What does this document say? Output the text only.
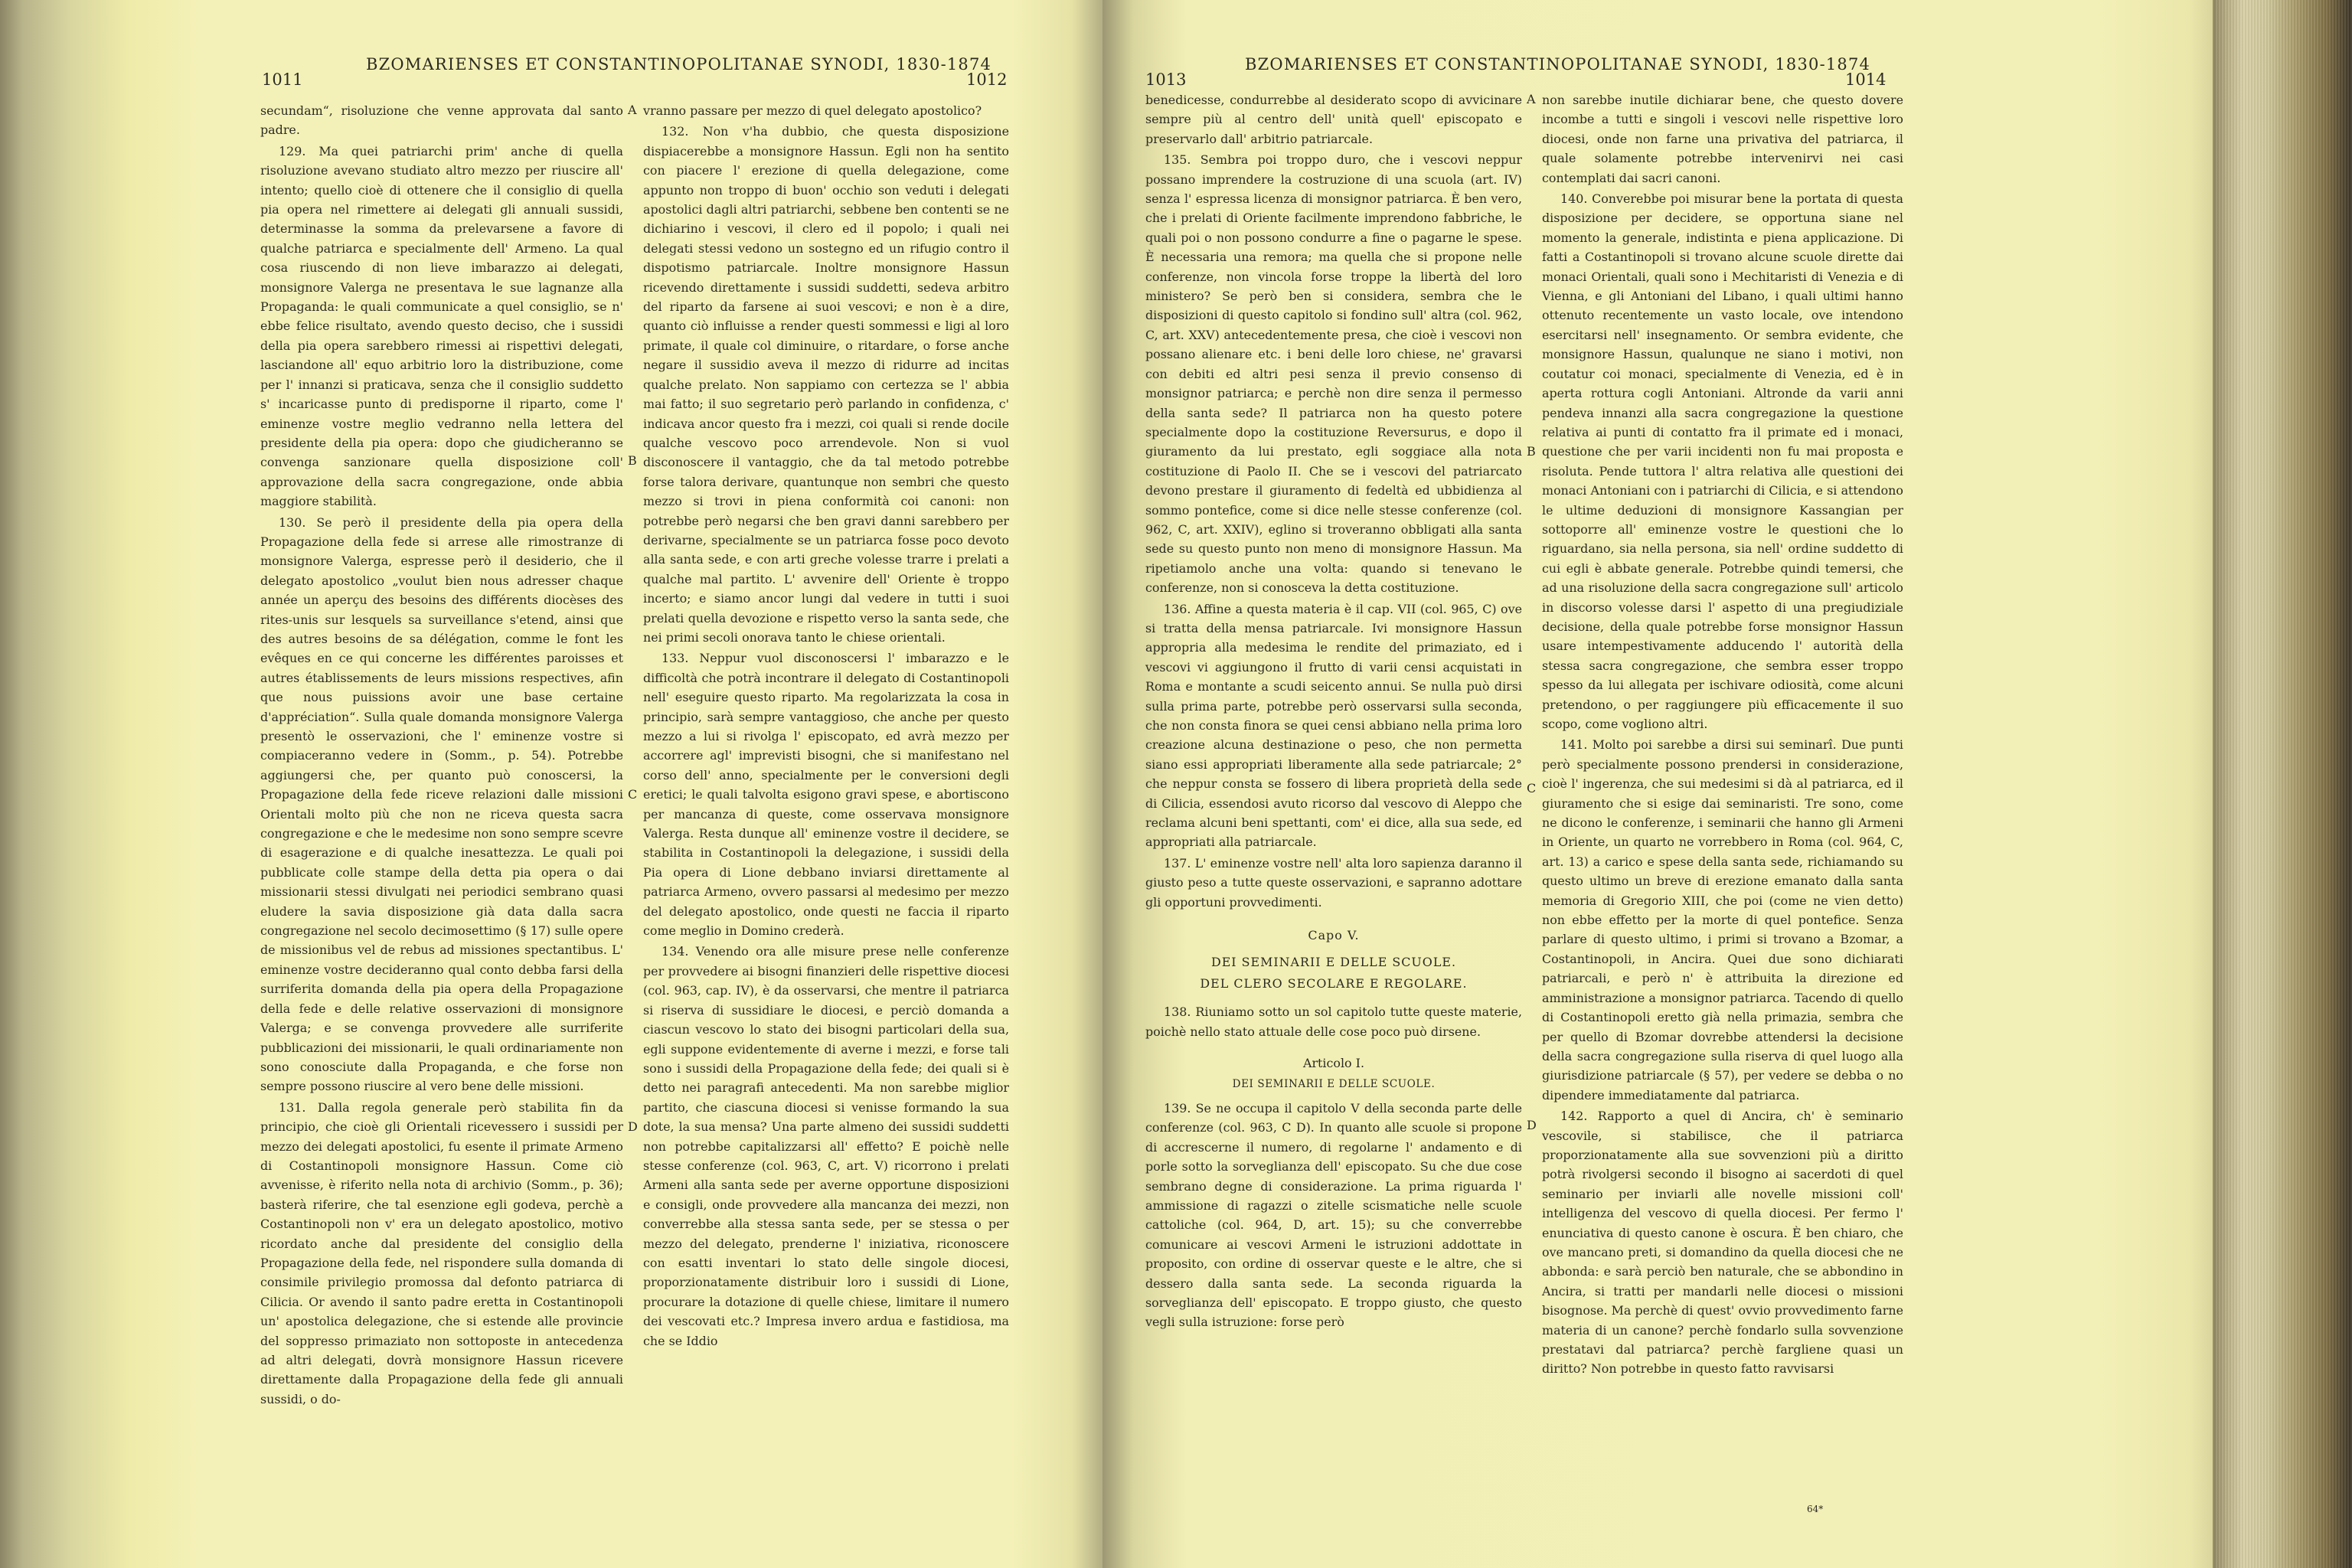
1011
BZOMARIENSES ET CONSTANTINOPOLITANAE SYNODI, 1830-1874
1012

secundam“, risoluzione che venne approvata dal santo padre.

129. Ma quei patriarchi prim' anche di quella risoluzione avevano studiato altro mezzo per riuscire all' intento; quello cioè di ottenere che il consiglio di quella pia opera nel rimettere ai delegati gli annuali sussidi, determinasse la somma da prelevarsene a favore di qualche patriarca e specialmente dell' Armeno. La qual cosa riuscendo di non lieve imbarazzo ai delegati, monsignore Valerga ne presentava le sue lagnanze alla Propaganda: le quali communicate a quel consiglio, se n' ebbe felice risultato, avendo questo deciso, che i sussidi della pia opera sarebbero rimessi ai rispettivi delegati, lasciandone all' equo arbitrio loro la distribuzione, come per l' innanzi si praticava, senza che il consiglio suddetto s' incaricasse punto di predisporne il riparto, come l' eminenze vostre meglio vedranno nella lettera del presidente della pia opera: dopo che giudicheranno se convenga sanzionare quella disposizione coll' approvazione della sacra congregazione, onde abbia maggiore stabilità.

130. Se però il presidente della pia opera della Propagazione della fede si arrese alle rimostranze di monsignore Valerga, espresse però il desiderio, che il delegato apostolico „voulut bien nous adresser chaque année un aperçu des besoins des différents diocèses des rites-unis sur lesquels sa surveillance s'etend, ainsi que des autres besoins de sa délégation, comme le font les evêques en ce qui concerne les différentes paroisses et autres établissements de leurs missions respectives, afin que nous puissions avoir une base certaine d'appréciation“. Sulla quale domanda monsignore Valerga presentò le osservazioni, che l' eminenze vostre si compiaceranno vedere in (Somm., p. 54). Potrebbe aggiungersi che, per quanto può conoscersi, la Propagazione della fede riceve relazioni dalle missioni Orientali molto più che non ne riceva questa sacra congregazione e che le medesime non sono sempre scevre di esagerazione e di qualche inesattezza. Le quali poi pubblicate colle stampe della detta pia opera o dai missionarii stessi divulgati nei periodici sembrano quasi eludere la savia disposizione già data dalla sacra congregazione nel secolo decimosettimo (§ 17) sulle opere de missionibus vel de rebus ad missiones spectantibus. L' eminenze vostre decideranno qual conto debba farsi della surriferita domanda della pia opera della Propagazione della fede e delle relative osservazioni di monsignore Valerga; e se convenga provvedere alle surriferite pubblicazioni dei missionarii, le quali ordinariamente non sono conosciute dalla Propaganda, e che forse non sempre possono riuscire al vero bene delle missioni.

131. Dalla regola generale però stabilita fin da principio, che cioè gli Orientali ricevessero i sussidi per mezzo dei delegati apostolici, fu esente il primate Armeno di Costantinopoli monsignore Hassun. Come ciò avvenisse, è riferito nella nota di archivio (Somm., p. 36); basterà riferire, che tal esenzione egli godeva, perchè a Costantinopoli non v' era un delegato apostolico, motivo ricordato anche dal presidente del consiglio della Propagazione della fede, nel rispondere sulla domanda di consimile privilegio promossa dal defonto patriarca di Cilicia. Or avendo il santo padre eretta in Costantinopoli un' apostolica delegazione, che si estende alle provincie del soppresso primaziato non sottoposte in antecedenza ad altri delegati, dovrà monsignore Hassun ricevere direttamente dalla Propagazione della fede gli annuali sussidi, o do-

A
B
C
D

vranno passare per mezzo di quel delegato apostolico?

132. Non v'ha dubbio, che questa disposizione dispiacerebbe a monsignore Hassun. Egli non ha sentito con piacere l' erezione di quella delegazione, come appunto non troppo di buon' occhio son veduti i delegati apostolici dagli altri patriarchi, sebbene ben contenti se ne dichiarino i vescovi, il clero ed il popolo; i quali nei delegati stessi vedono un sostegno ed un rifugio contro il dispotismo patriarcale. Inoltre monsignore Hassun ricevendo direttamente i sussidi suddetti, sedeva arbitro del riparto da farsene ai suoi vescovi; e non è a dire, quanto ciò influisse a render questi sommessi e ligi al loro primate, il quale col diminuire, o ritardare, o forse anche negare il sussidio aveva il mezzo di ridurre ad incitas qualche prelato. Non sappiamo con certezza se l' abbia mai fatto; il suo segretario però parlando in confidenza, c' indicava ancor questo fra i mezzi, coi quali si rende docile qualche vescovo poco arrendevole. Non si vuol disconoscere il vantaggio, che da tal metodo potrebbe forse talora derivare, quantunque non sembri che questo mezzo si trovi in piena conformità coi canoni: non potrebbe però negarsi che ben gravi danni sarebbero per derivarne, specialmente se un patriarca fosse poco devoto alla santa sede, e con arti greche volesse trarre i prelati a qualche mal partito. L' avvenire dell' Oriente è troppo incerto; e siamo ancor lungi dal vedere in tutti i suoi prelati quella devozione e rispetto verso la santa sede, che nei primi secoli onorava tanto le chiese orientali.

133. Neppur vuol disconoscersi l' imbarazzo e le difficoltà che potrà incontrare il delegato di Costantinopoli nell' eseguire questo riparto. Ma regolarizzata la cosa in principio, sarà sempre vantaggioso, che anche per questo mezzo a lui si rivolga l' episcopato, ed avrà mezzo per accorrere agl' imprevisti bisogni, che si manifestano nel corso dell' anno, specialmente per le conversioni degli eretici; le quali talvolta esigono gravi spese, e abortiscono per mancanza di queste, come osservava monsignore Valerga. Resta dunque all' eminenze vostre il decidere, se stabilita in Costantinopoli la delegazione, i sussidi della Pia opera di Lione debbano inviarsi direttamente al patriarca Armeno, ovvero passarsi al medesimo per mezzo del delegato apostolico, onde questi ne faccia il riparto come meglio in Domino crederà.

134. Venendo ora alle misure prese nelle conferenze per provvedere ai bisogni finanzieri delle rispettive diocesi (col. 963, cap. IV), è da osservarsi, che mentre il patriarca si riserva di sussidiare le diocesi, e perciò domanda a ciascun vescovo lo stato dei bisogni particolari della sua, egli suppone evidentemente di averne i mezzi, e forse tali sono i sussidi della Propagazione della fede; dei quali si è detto nei paragrafi antecedenti. Ma non sarebbe miglior partito, che ciascuna diocesi si venisse formando la sua dote, la sua mensa? Una parte almeno dei sussidi suddetti non potrebbe capitalizzarsi all' effetto? E poichè nelle stesse conferenze (col. 963, C, art. V) ricorrono i prelati Armeni alla santa sede per averne opportune disposizioni e consigli, onde provvedere alla mancanza dei mezzi, non converrebbe alla stessa santa sede, per se stessa o per mezzo del delegato, prenderne l' iniziativa, riconoscere con esatti inventari lo stato delle singole diocesi, proporzionatamente distribuir loro i sussidi di Lione, procurare la dotazione di quelle chiese, limitare il numero dei vescovati etc.? Impresa invero ardua e fastidiosa, ma che se Iddio

1013
BZOMARIENSES ET CONSTANTINOPOLITANAE SYNODI, 1830-1874
1014

benedicesse, condurrebbe al desiderato scopo di avvicinare sempre più al centro dell' unità quell' episcopato e preservarlo dall' arbitrio patriarcale.

135. Sembra poi troppo duro, che i vescovi neppur possano imprendere la costruzione di una scuola (art. IV) senza l' espressa licenza di monsignor patriarca. È ben vero, che i prelati di Oriente facilmente imprendono fabbriche, le quali poi o non possono condurre a fine o pagarne le spese. È necessaria una remora; ma quella che si propone nelle conferenze, non vincola forse troppe la libertà del loro ministero? Se però ben si considera, sembra che le disposizioni di questo capitolo si fondino sull' altra (col. 962, C, art. XXV) antecedentemente presa, che cioè i vescovi non possano alienare etc. i beni delle loro chiese, ne' gravarsi con debiti ed altri pesi senza il previo consenso di monsignor patriarca; e perchè non dire senza il permesso della santa sede? Il patriarca non ha questo potere specialmente dopo la costituzione Reversurus, e dopo il giuramento da lui prestato, egli soggiace alla nota costituzione di Paolo II. Che se i vescovi del patriarcato devono prestare il giuramento di fedeltà ed ubbidienza al sommo pontefice, come si dice nelle stesse conferenze (col. 962, C, art. XXIV), eglino si troveranno obbligati alla santa sede su questo punto non meno di monsignore Hassun. Ma ripetiamolo anche una volta: quando si tenevano le conferenze, non si conosceva la detta costituzione.

136. Affine a questa materia è il cap. VII (col. 965, C) ove si tratta della mensa patriarcale. Ivi monsignore Hassun appropria alla medesima le rendite del primaziato, ed i vescovi vi aggiungono il frutto di varii censi acquistati in Roma e montante a scudi seicento annui. Se nulla può dirsi sulla prima parte, potrebbe però osservarsi sulla seconda, che non consta finora se quei censi abbiano nella prima loro creazione alcuna destinazione o peso, che non permetta siano essi appropriati liberamente alla sede patriarcale; 2° che neppur consta se fossero di libera proprietà della sede di Cilicia, essendosi avuto ricorso dal vescovo di Aleppo che reclama alcuni beni spettanti, com' ei dice, alla sua sede, ed appropriati alla patriarcale.

137. L' eminenze vostre nell' alta loro sapienza daranno il giusto peso a tutte queste osservazioni, e sapranno adottare gli opportuni provvedimenti.

Capo V.

DEI SEMINARII E DELLE SCUOLE.

DEL CLERO SECOLARE E REGOLARE.

138. Riuniamo sotto un sol capitolo tutte queste materie, poichè nello stato attuale delle cose poco può dirsene.

Articolo I.

DEI SEMINARII E DELLE SCUOLE.

139. Se ne occupa il capitolo V della seconda parte delle conferenze (col. 963, C D). In quanto alle scuole si propone di accrescerne il numero, di regolarne l' andamento e di porle sotto la sorveglianza dell' episcopato. Su che due cose sembrano degne di considerazione. La prima riguarda l' ammissione di ragazzi o zitelle scismatiche nelle scuole cattoliche (col. 964, D, art. 15); su che converrebbe comunicare ai vescovi Armeni le istruzioni addottate in proposito, con ordine di osservar queste e le altre, che si dessero dalla santa sede. La seconda riguarda la sorveglianza dell' episcopato. E troppo giusto, che questo vegli sulla istruzione: forse però

A
B
C
D

non sarebbe inutile dichiarar bene, che questo dovere incombe a tutti e singoli i vescovi nelle rispettive loro diocesi, onde non farne una privativa del patriarca, il quale solamente potrebbe intervenirvi nei casi contemplati dai sacri canoni.

140. Converebbe poi misurar bene la portata di questa disposizione per decidere, se opportuna siane nel momento la generale, indistinta e piena applicazione. Di fatti a Costantinopoli si trovano alcune scuole dirette dai monaci Orientali, quali sono i Mechitaristi di Venezia e di Vienna, e gli Antoniani del Libano, i quali ultimi hanno ottenuto recentemente un vasto locale, ove intendono esercitarsi nell' insegnamento. Or sembra evidente, che monsignore Hassun, qualunque ne siano i motivi, non coutatur coi monaci, specialmente di Venezia, ed è in aperta rottura cogli Antoniani. Altronde da varii anni pendeva innanzi alla sacra congregazione la questione relativa ai punti di contatto fra il primate ed i monaci, questione che per varii incidenti non fu mai proposta e risoluta. Pende tuttora l' altra relativa alle questioni dei monaci Antoniani con i patriarchi di Cilicia, e si attendono le ultime deduzioni di monsignore Kassangian per sottoporre all' eminenze vostre le questioni che lo riguardano, sia nella persona, sia nell' ordine suddetto di cui egli è abbate generale. Potrebbe quindi temersi, che ad una risoluzione della sacra congregazione sull' articolo in discorso volesse darsi l' aspetto di una pregiudiziale decisione, della quale potrebbe forse monsignor Hassun usare intempestivamente adducendo l' autorità della stessa sacra congregazione, che sembra esser troppo spesso da lui allegata per ischivare odiosità, come alcuni pretendono, o per raggiungere più efficacemente il suo scopo, come vogliono altri.

141. Molto poi sarebbe a dirsi sui seminarî. Due punti però specialmente possono prendersi in considerazione, cioè l' ingerenza, che sui medesimi si dà al patriarca, ed il giuramento che si esige dai seminaristi. Tre sono, come ne dicono le conferenze, i seminarii che hanno gli Armeni in Oriente, un quarto ne vorrebbero in Roma (col. 964, C, art. 13) a carico e spese della santa sede, richiamando su questo ultimo un breve di erezione emanato dalla santa memoria di Gregorio XIII, che poi (come ne vien detto) non ebbe effetto per la morte di quel pontefice. Senza parlare di questo ultimo, i primi si trovano a Bzomar, a Costantinopoli, in Ancira. Quei due sono dichiarati patriarcali, e però n' è attribuita la direzione ed amministrazione a monsignor patriarca. Tacendo di quello di Costantinopoli eretto già nella primazia, sembra che per quello di Bzomar dovrebbe attendersi la decisione della sacra congregazione sulla riserva di quel luogo alla giurisdizione patriarcale (§ 57), per vedere se debba o no dipendere immediatamente dal patriarca.

142. Rapporto a quel di Ancira, ch' è seminario vescovile, si stabilisce, che il patriarca proporzionatamente alla sue sovvenzioni più a diritto potrà rivolgersi secondo il bisogno ai sacerdoti di quel seminario per inviarli alle novelle missioni coll' intelligenza del vescovo di quella diocesi. Per fermo l' enunciativa di questo canone è oscura. È ben chiaro, che ove mancano preti, si domandino da quella diocesi che ne abbonda: e sarà perciò ben naturale, che se abbondino in Ancira, si tratti per mandarli nelle diocesi o missioni bisognose. Ma perchè di quest' ovvio provvedimento farne materia di un canone? perchè fondarlo sulla sovvenzione prestatavi dal patriarca? perchè fargliene quasi un diritto? Non potrebbe in questo fatto ravvisarsi

64*
